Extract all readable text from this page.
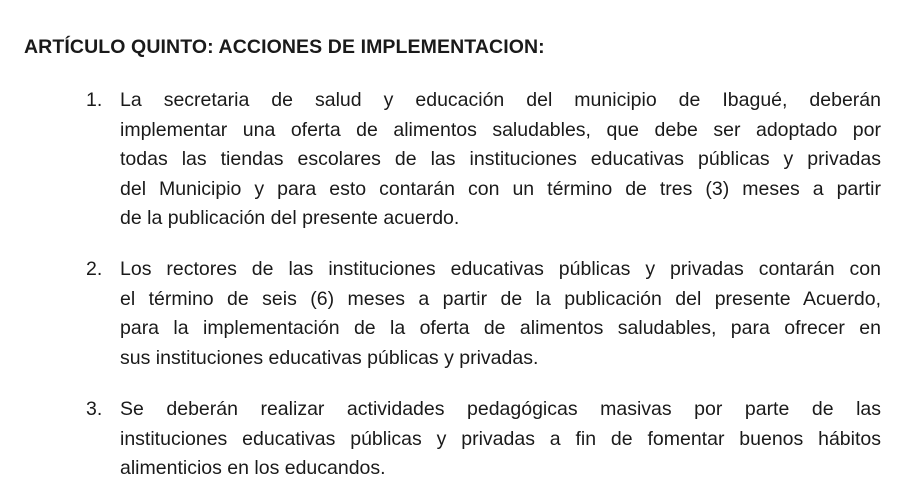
ARTÍCULO QUINTO: ACCIONES DE IMPLEMENTACION:
1. La secretaria de salud y educación del municipio de Ibagué, deberán
implementar una oferta de alimentos saludables, que debe ser adoptado por
todas las tiendas escolares de las instituciones educativas públicas y privadas
del Municipio y para esto contarán con un término de tres (3) meses a partir
de la publicación del presente acuerdo.
2. Los rectores de las instituciones educativas públicas y privadas contarán con
el término de seis (6) meses a partir de la publicación del presente Acuerdo,
para la implementación de la oferta de alimentos saludables, para ofrecer en
sus instituciones educativas públicas y privadas.
3. Se deberán realizar actividades pedagógicas masivas por parte de las
instituciones educativas públicas y privadas a fin de fomentar buenos hábitos
alimenticios en los educandos.
